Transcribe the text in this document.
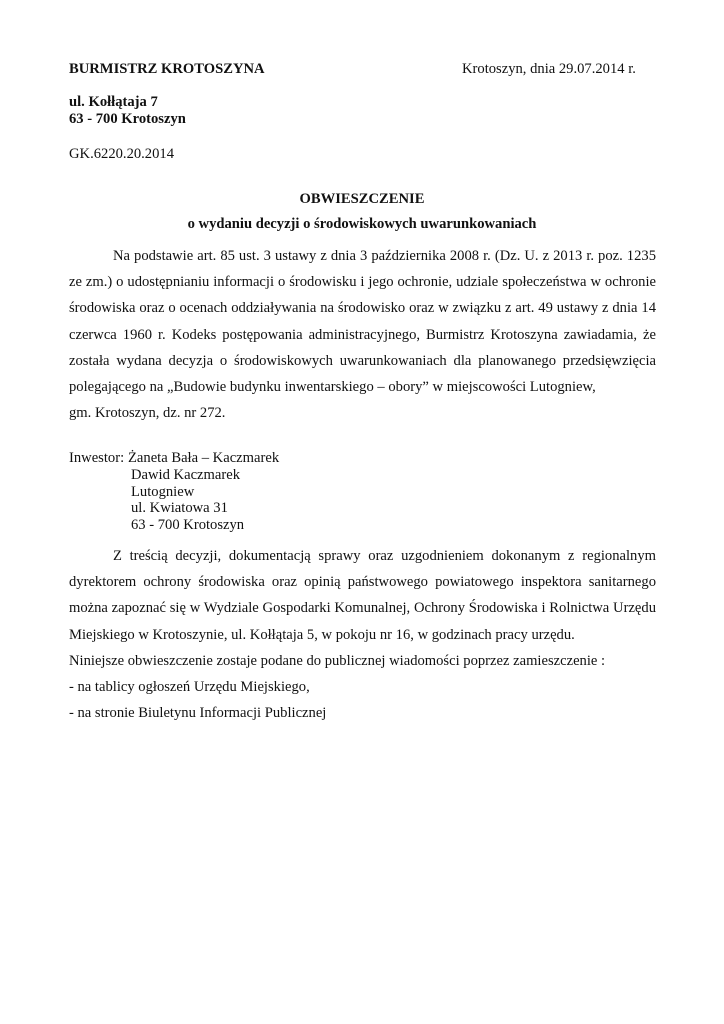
BURMISTRZ KROTOSZYNA	Krotoszyn, dnia 29.07.2014 r.
ul. Kołłątaja 7
63 - 700 Krotoszyn
GK.6220.20.2014
OBWIESZCZENIE
o wydaniu decyzji o środowiskowych uwarunkowaniach
Na podstawie art. 85 ust. 3 ustawy z dnia 3 października 2008 r. (Dz. U. z 2013 r. poz. 1235
ze zm.) o udostępnianiu informacji o środowisku i jego ochronie, udziale społeczeństwa w ochronie
środowiska oraz o ocenach oddziaływania na środowisko oraz w związku z art. 49 ustawy z dnia 14
czerwca 1960 r. Kodeks postępowania administracyjnego, Burmistrz Krotoszyna zawiadamia, że
została wydana decyzja o środowiskowych uwarunkowaniach dla planowanego przedsięwzięcia
polegającego na „Budowie budynku inwentarskiego – obory” w miejscowości Lutogniew,
gm. Krotoszyn, dz. nr 272.
Inwestor: Żaneta Bała – Kaczmarek
Dawid Kaczmarek
Lutogniew
ul. Kwiatowa 31
63 - 700 Krotoszyn
Z treścią decyzji, dokumentacją sprawy oraz uzgodnieniem dokonanym z regionalnym
dyrektorem ochrony środowiska oraz opinią państwowego powiatowego inspektora sanitarnego
można zapoznać się w Wydziale Gospodarki Komunalnej, Ochrony Środowiska i Rolnictwa Urzędu
Miejskiego w Krotoszynie, ul. Kołłątaja 5, w pokoju nr 16, w godzinach pracy urzędu.
Niniejsze obwieszczenie zostaje podane do publicznej wiadomości poprzez zamieszczenie :
- na tablicy ogłoszeń Urzędu Miejskiego,
- na stronie Biuletynu Informacji Publicznej
